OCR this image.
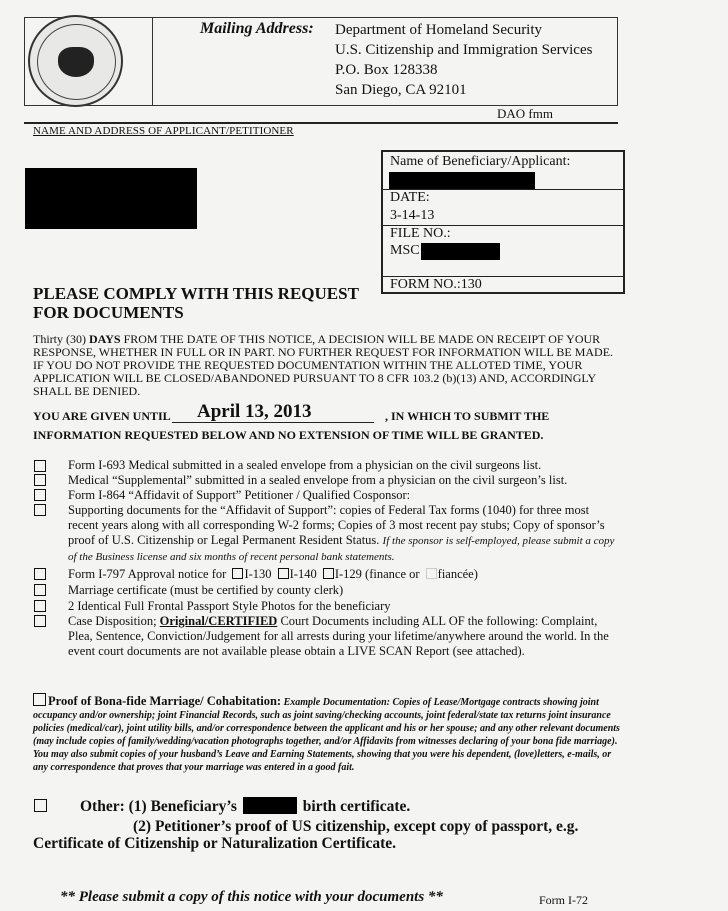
Mailing Address: Department of Homeland Security
U.S. Citizenship and Immigration Services
P.O. Box 128338
San Diego, CA 92101
DAO fmm
NAME AND ADDRESS OF APPLICANT/PETITIONER
Name of Beneficiary/Applicant:
DATE:
3-14-13
FILE NO.:
MSC
FORM NO.:130
PLEASE COMPLY WITH THIS REQUEST
FOR DOCUMENTS
Thirty (30) DAYS FROM THE DATE OF THIS NOTICE, A DECISION WILL BE MADE ON RECEIPT OF YOUR RESPONSE, WHETHER IN FULL OR IN PART. NO FURTHER REQUEST FOR INFORMATION WILL BE MADE. IF YOU DO NOT PROVIDE THE REQUESTED DOCUMENTATION WITHIN THE ALLOTED TIME, YOUR APPLICATION WILL BE CLOSED/ABANDONED PURSUANT TO 8 CFR 103.2 (b)(13) AND, ACCORDINGLY SHALL BE DENIED.
YOU ARE GIVEN UNTIL	April 13, 2013	, IN WHICH TO SUBMIT THE
INFORMATION REQUESTED BELOW AND NO EXTENSION OF TIME WILL BE GRANTED.
Form I-693 Medical submitted in a sealed envelope from a physician on the civil surgeons list.
Medical “Supplemental” submitted in a sealed envelope from a physician on the civil surgeon’s list.
Form I-864 “Affidavit of Support” Petitioner / Qualified Cosponsor:
Supporting documents for the “Affidavit of Support”: copies of Federal Tax forms (1040) for three most recent years along with all corresponding W-2 forms; Copies of 3 most recent pay stubs; Copy of sponsor’s proof of U.S. Citizenship or Legal Permanent Resident Status. If the sponsor is self-employed, please submit a copy of the Business license and six months of recent personal bank statements.
Form I-797 Approval notice for I-130 I-140 I-129 (finance or fiancée)
Marriage certificate (must be certified by county clerk)
2 Identical Full Frontal Passport Style Photos for the beneficiary
Case Disposition; Original/CERTIFIED Court Documents including ALL OF the following: Complaint, Plea, Sentence, Conviction/Judgement for all arrests during your lifetime/anywhere around the world. In the event court documents are not available please obtain a LIVE SCAN Report (see attached).
Proof of Bona-fide Marriage/ Cohabitation: Example Documentation: Copies of Lease/Mortgage contracts showing joint occupancy and/or ownership; joint Financial Records, such as joint saving/checking accounts, joint federal/state tax returns joint insurance policies (medical/car), joint utility bills, and/or correspondence between the applicant and his or her spouse; and any other relevant documents (may include copies of family/wedding/vacation photographs together, and/or Affidavits from witnesses declaring of your bona fide marriage). You may also submit copies of your husband’s Leave and Earning Statements, showing that you were his dependent, (love)letters, e-mails, or any correspondence that proves that your marriage was entered in a good fait.
Other: (1) Beneficiary’s	birth certificate.
(2) Petitioner’s proof of US citizenship, except copy of passport, e.g.
Certificate of Citizenship or Naturalization Certificate.
** Please submit a copy of this notice with your documents **	Form I-72
